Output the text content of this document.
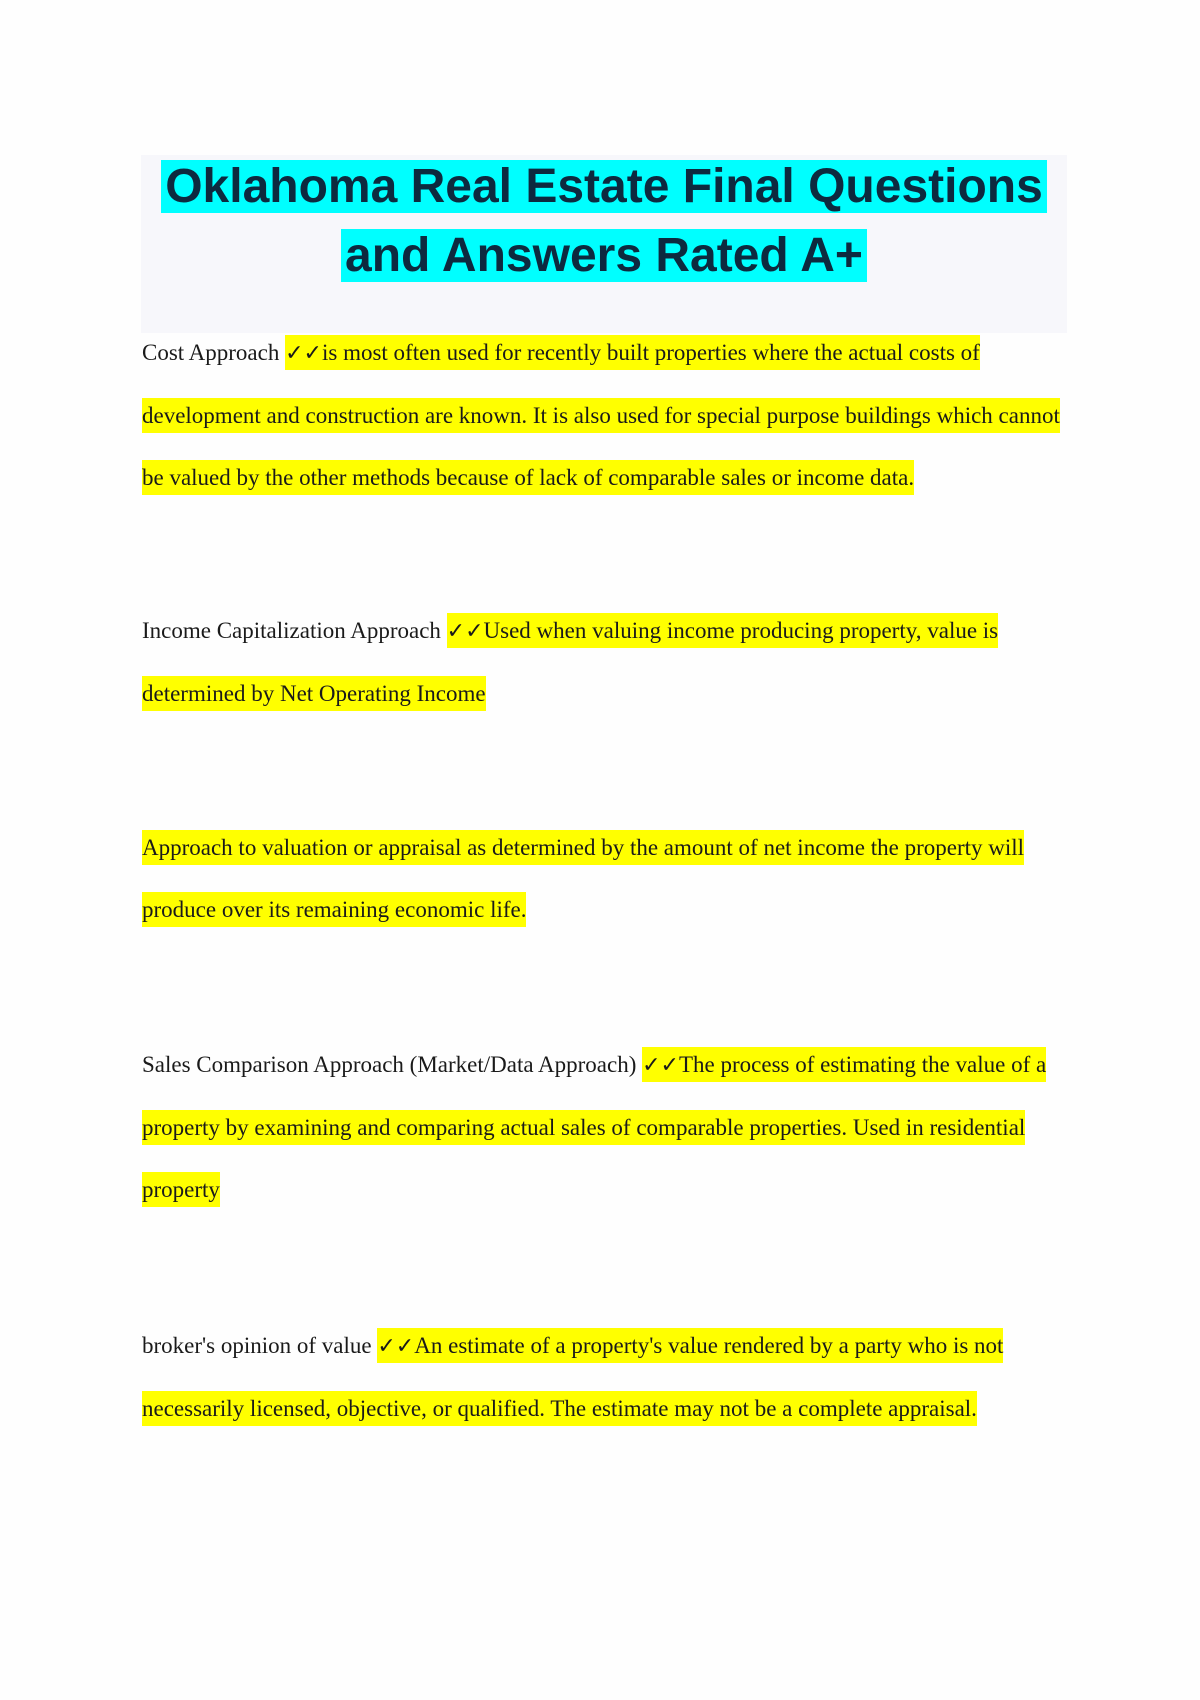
Oklahoma Real Estate Final Questions and Answers Rated A+

Cost Approach ✓✓is most often used for recently built properties where the actual costs of development and construction are known. It is also used for special purpose buildings which cannot be valued by the other methods because of lack of comparable sales or income data.

Income Capitalization Approach ✓✓Used when valuing income producing property, value is determined by Net Operating Income

Approach to valuation or appraisal as determined by the amount of net income the property will produce over its remaining economic life.

Sales Comparison Approach (Market/Data Approach) ✓✓The process of estimating the value of a property by examining and comparing actual sales of comparable properties. Used in residential property

broker's opinion of value ✓✓An estimate of a property's value rendered by a party who is not necessarily licensed, objective, or qualified. The estimate may not be a complete appraisal.
